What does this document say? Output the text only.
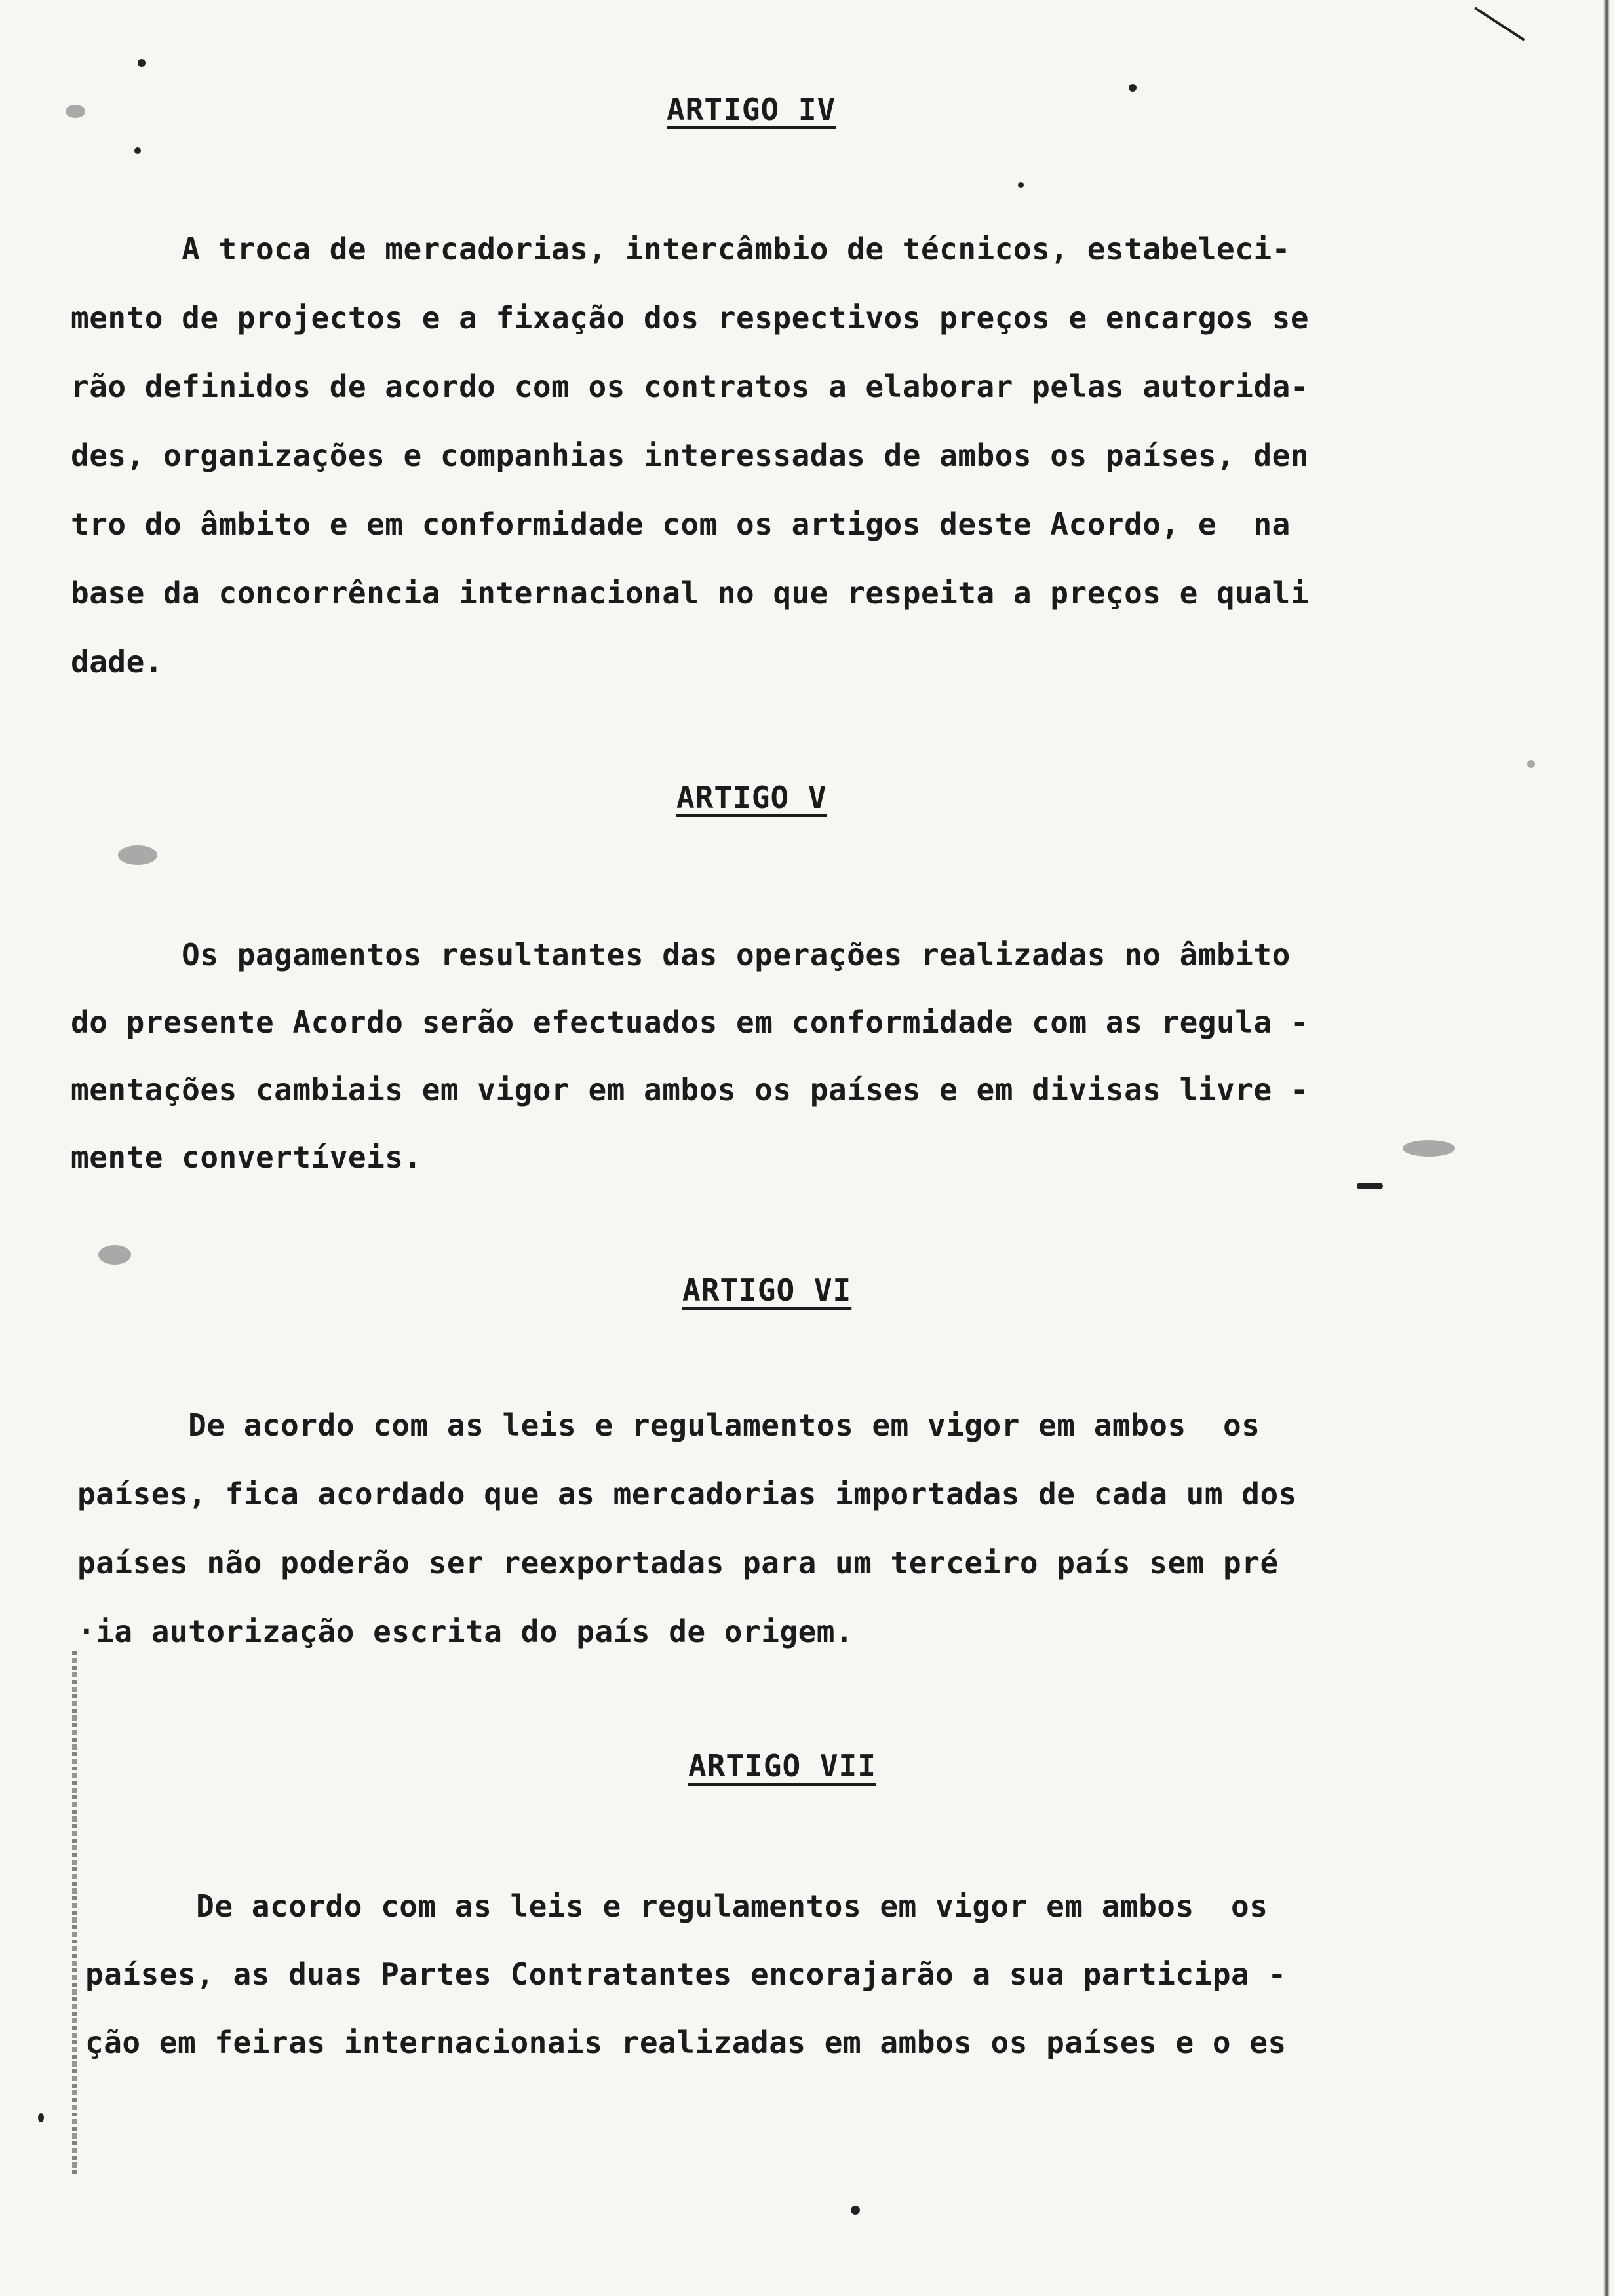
ARTIGO IV
A troca de mercadorias, intercâmbio de técnicos, estabeleci-
mento de projectos e a fixação dos respectivos preços e encargos se
rão definidos de acordo com os contratos a elaborar pelas autorida-
des, organizações e companhias interessadas de ambos os países, den
tro do âmbito e em conformidade com os artigos deste Acordo, e  na
base da concorrência internacional no que respeita a preços e quali
dade.
ARTIGO V
Os pagamentos resultantes das operações realizadas no âmbito
do presente Acordo serão efectuados em conformidade com as regula -
mentações cambiais em vigor em ambos os países e em divisas livre -
mente convertíveis.
ARTIGO VI
De acordo com as leis e regulamentos em vigor em ambos  os
países, fica acordado que as mercadorias importadas de cada um dos
países não poderão ser reexportadas para um terceiro país sem pré
·ia autorização escrita do país de origem.
ARTIGO VII
De acordo com as leis e regulamentos em vigor em ambos  os
países, as duas Partes Contratantes encorajarão a sua participa -
ção em feiras internacionais realizadas em ambos os países e o es
